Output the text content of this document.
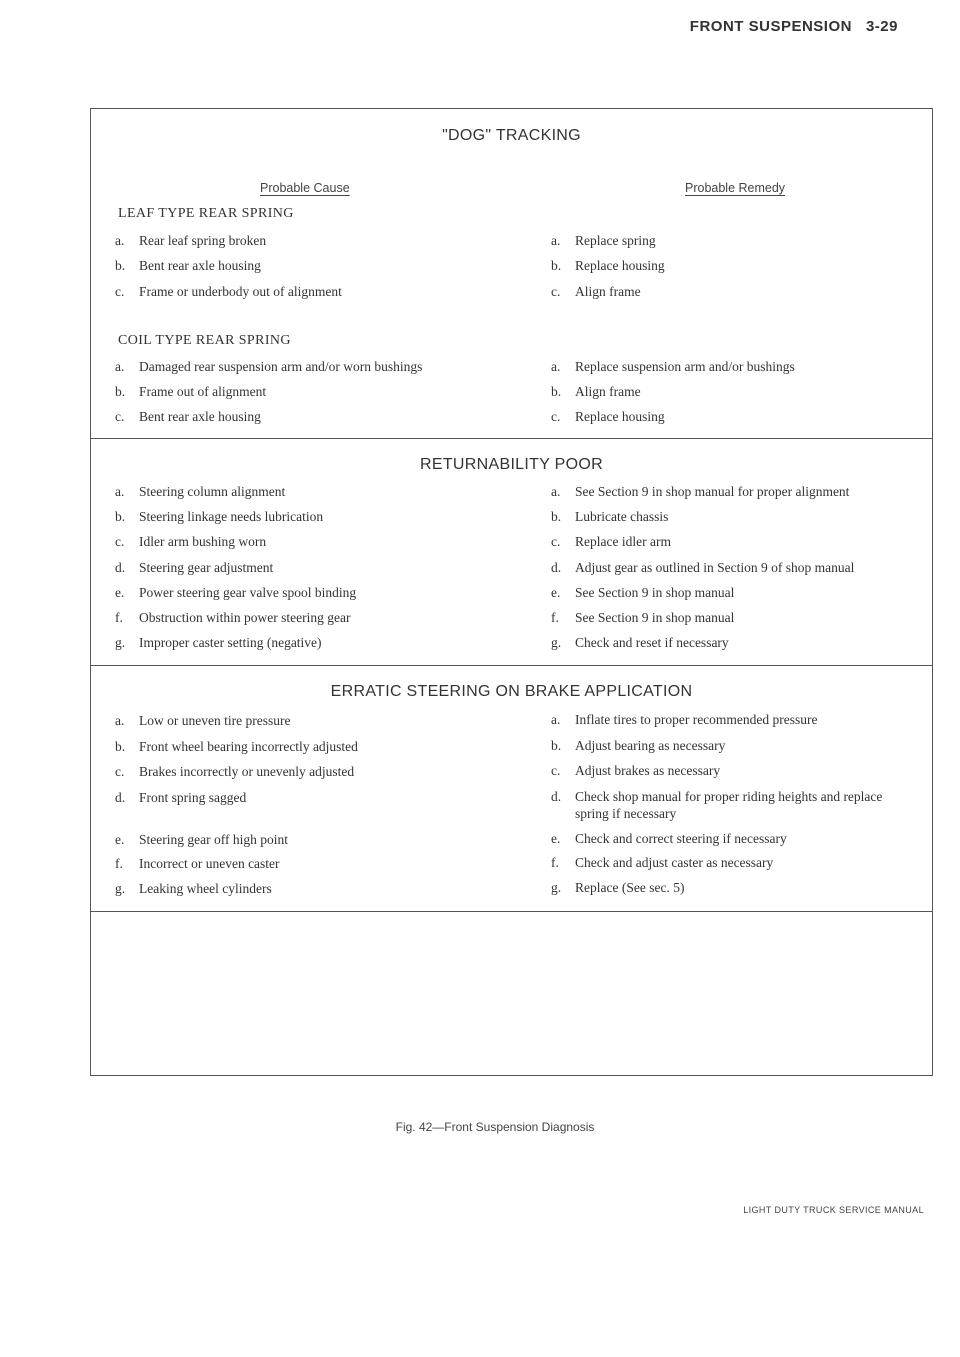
FRONT SUSPENSION 3-29
"DOG" TRACKING
Probable Cause	Probable Remedy
LEAF TYPE REAR SPRING
a. Rear leaf spring broken
b. Bent rear axle housing
c. Frame or underbody out of alignment
a. Replace spring
b. Replace housing
c. Align frame
COIL TYPE REAR SPRING
a. Damaged rear suspension arm and/or worn bushings
b. Frame out of alignment
c. Bent rear axle housing
a. Replace suspension arm and/or bushings
b. Align frame
c. Replace housing
RETURNABILITY POOR
a. Steering column alignment
b. Steering linkage needs lubrication
c. Idler arm bushing worn
d. Steering gear adjustment
e. Power steering gear valve spool binding
f. Obstruction within power steering gear
g. Improper caster setting (negative)
a. See Section 9 in shop manual for proper alignment
b. Lubricate chassis
c. Replace idler arm
d. Adjust gear as outlined in Section 9 of shop manual
e. See Section 9 in shop manual
f. See Section 9 in shop manual
g. Check and reset if necessary
ERRATIC STEERING ON BRAKE APPLICATION
a. Low or uneven tire pressure
b. Front wheel bearing incorrectly adjusted
c. Brakes incorrectly or unevenly adjusted
d. Front spring sagged
e. Steering gear off high point
f. Incorrect or uneven caster
g. Leaking wheel cylinders
a. Inflate tires to proper recommended pressure
b. Adjust bearing as necessary
c. Adjust brakes as necessary
d. Check shop manual for proper riding heights and replace spring if necessary
e. Check and correct steering if necessary
f. Check and adjust caster as necessary
g. Replace (See sec. 5)
Fig. 42—Front Suspension Diagnosis
LIGHT DUTY TRUCK SERVICE MANUAL
